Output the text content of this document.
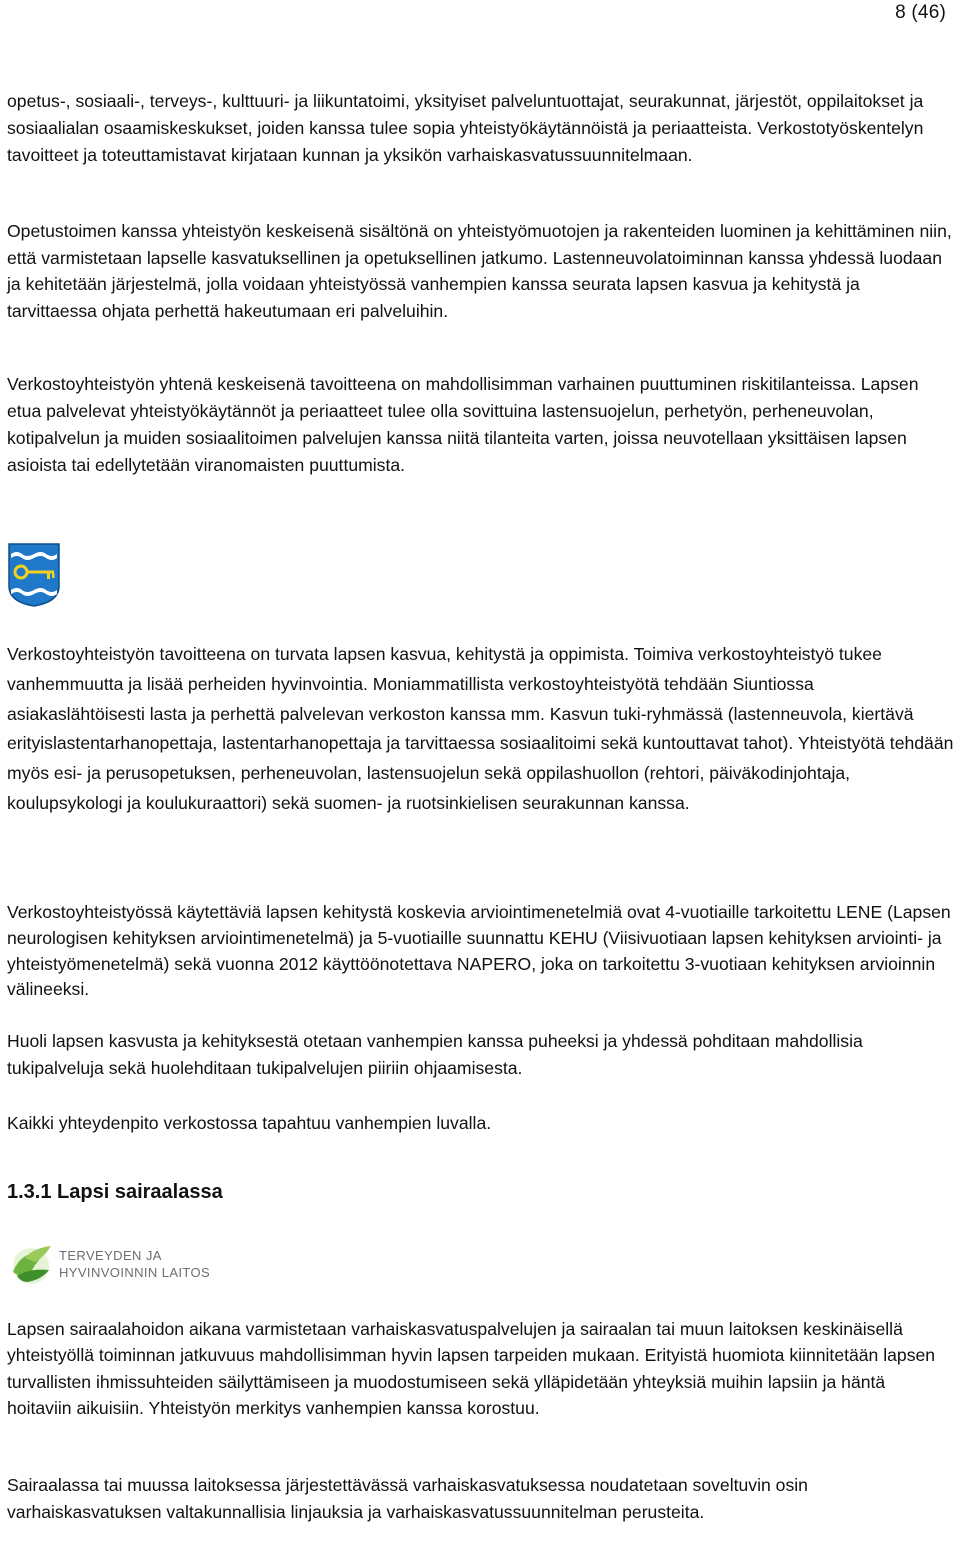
8 (46)

opetus-, sosiaali-, terveys-, kulttuuri- ja liikuntatoimi, yksityiset palveluntuottajat, seurakunnat, järjestöt, oppilaitokset ja sosiaalialan osaamiskeskukset, joiden kanssa tulee sopia yhteistyökäytännöistä ja periaatteista. Verkostotyöskentelyn tavoitteet ja toteuttamistavat kirjataan kunnan ja yksikön varhaiskasvatussuunnitelmaan.

Opetustoimen kanssa yhteistyön keskeisenä sisältönä on yhteistyömuotojen ja rakenteiden luominen ja kehittäminen niin, että varmistetaan lapselle kasvatuksellinen ja opetuksellinen jatkumo. Lastenneuvolatoiminnan kanssa yhdessä luodaan ja kehitetään järjestelmä, jolla voidaan yhteistyössä vanhempien kanssa seurata lapsen kasvua ja kehitystä ja tarvittaessa ohjata perhettä hakeutumaan eri palveluihin.

Verkostoyhteistyön yhtenä keskeisenä tavoitteena on mahdollisimman varhainen puuttuminen riskitilanteissa. Lapsen etua palvelevat yhteistyökäytännöt ja periaatteet tulee olla sovittuina lastensuojelun, perhetyön, perheneuvolan, kotipalvelun ja muiden sosiaalitoimen palvelujen kanssa niitä tilanteita varten, joissa neuvotellaan yksittäisen lapsen asioista tai edellytetään viranomaisten puuttumista.

Verkostoyhteistyön tavoitteena on turvata lapsen kasvua, kehitystä ja oppimista. Toimiva verkostoyhteistyö tukee vanhemmuutta ja lisää perheiden hyvinvointia. Moniammatillista verkostoyhteistyötä tehdään Siuntiossa asiakaslähtöisesti lasta ja perhettä palvelevan verkoston kanssa mm. Kasvun tuki-ryhmässä (lastenneuvola, kiertävä erityislastentarhanopettaja, lastentarhanopettaja ja tarvittaessa sosiaalitoimi sekä kuntouttavat tahot). Yhteistyötä tehdään myös esi- ja perusopetuksen, perheneuvolan, lastensuojelun sekä oppilashuollon (rehtori, päiväkodinjohtaja, koulupsykologi ja koulukuraattori) sekä suomen- ja ruotsinkielisen seurakunnan kanssa.

Verkostoyhteistyössä käytettäviä lapsen kehitystä koskevia arviointimenetelmiä ovat 4-vuotiaille tarkoitettu LENE (Lapsen neurologisen kehityksen arviointimenetelmä) ja 5-vuotiaille suunnattu KEHU (Viisivuotiaan lapsen kehityksen arviointi- ja yhteistyömenetelmä) sekä vuonna 2012 käyttöönotettava NAPERO, joka on tarkoitettu 3-vuotiaan kehityksen arvioinnin välineeksi.

Huoli lapsen kasvusta ja kehityksestä otetaan vanhempien kanssa puheeksi ja yhdessä pohditaan mahdollisia tukipalveluja sekä huolehditaan tukipalvelujen piiriin ohjaamisesta.

Kaikki yhteydenpito verkostossa tapahtuu vanhempien luvalla.

1.3.1 Lapsi sairaalassa
TERVEYDEN JA
HYVINVOINNIN LAITOS

Lapsen sairaalahoidon aikana varmistetaan varhaiskasvatuspalvelujen ja sairaalan tai muun laitoksen keskinäisellä yhteistyöllä toiminnan jatkuvuus mahdollisimman hyvin lapsen tarpeiden mukaan. Erityistä huomiota kiinnitetään lapsen turvallisten ihmissuhteiden säilyttämiseen ja muodostumiseen sekä ylläpidetään yhteyksiä muihin lapsiin ja häntä hoitaviin aikuisiin. Yhteistyön merkitys vanhempien kanssa korostuu.

Sairaalassa tai muussa laitoksessa järjestettävässä varhaiskasvatuksessa noudatetaan soveltuvin osin varhaiskasvatuksen valtakunnallisia linjauksia ja varhaiskasvatussuunnitelman perusteita.
